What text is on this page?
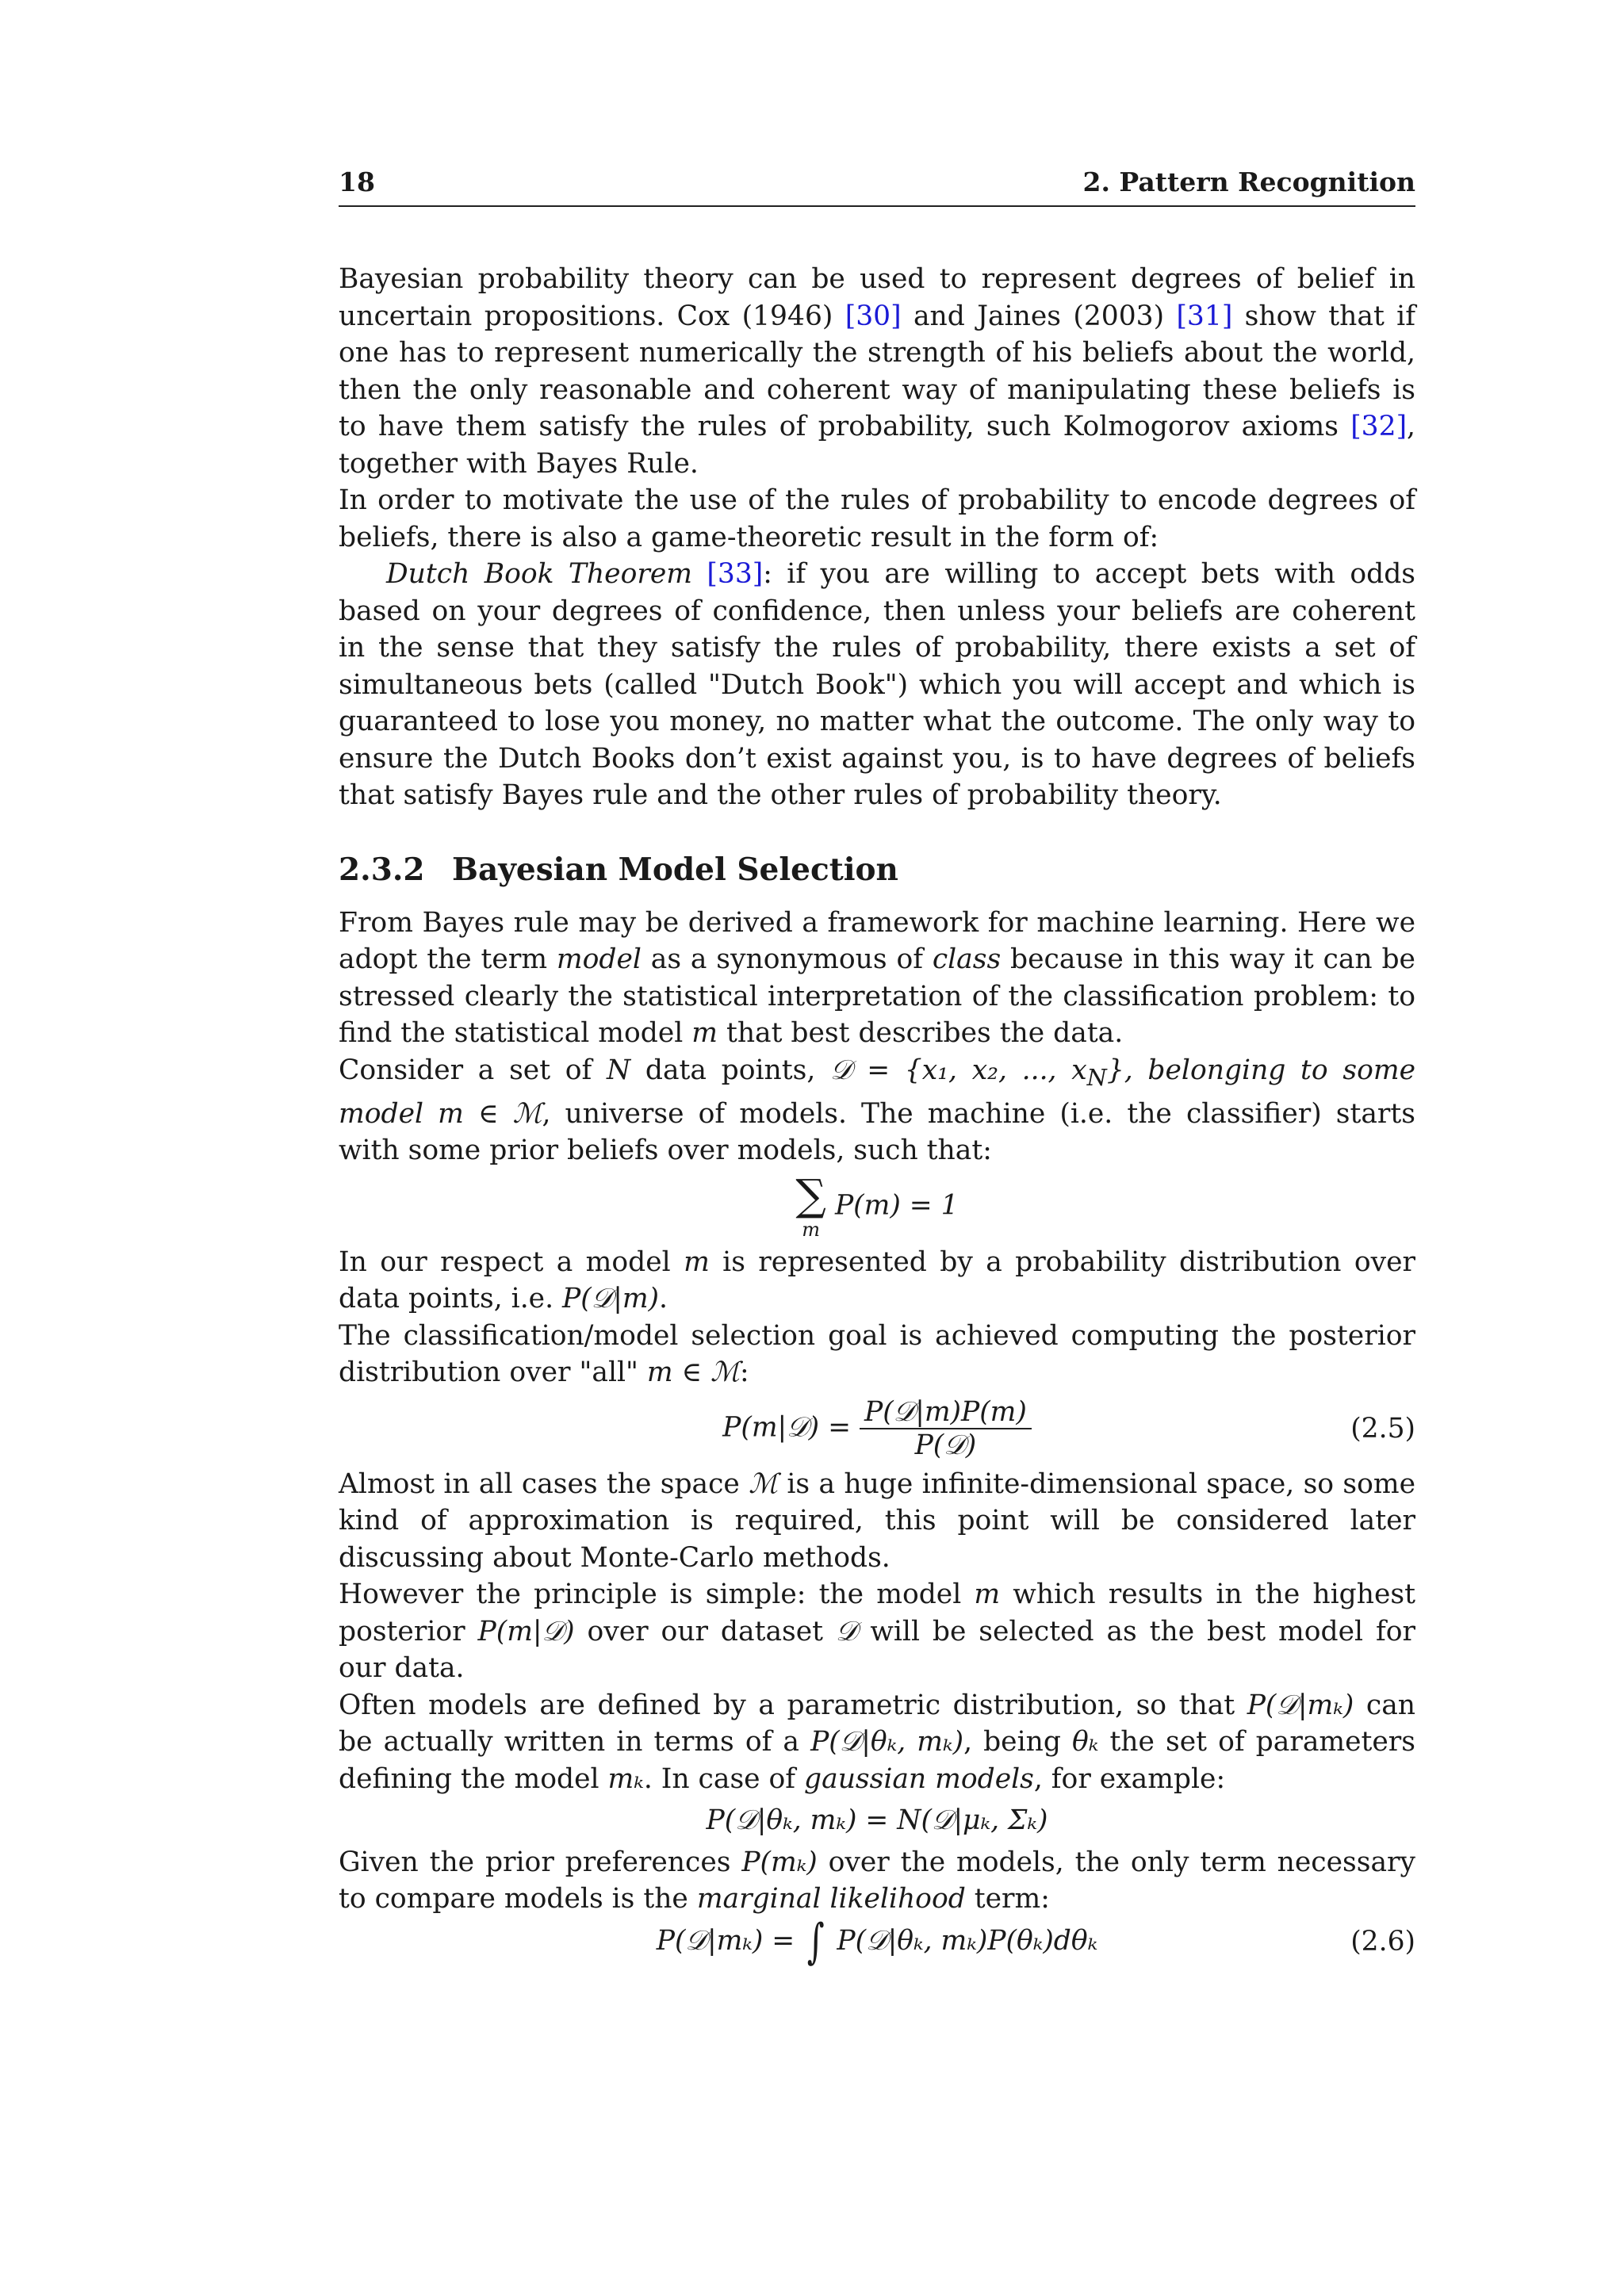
18	2. Pattern Recognition

Bayesian probability theory can be used to represent degrees of belief in uncertain propositions. Cox (1946) [30] and Jaines (2003) [31] show that if one has to represent numerically the strength of his beliefs about the world, then the only reasonable and coherent way of manipulating these beliefs is to have them satisfy the rules of probability, such Kolmogorov axioms [32], together with Bayes Rule.

In order to motivate the use of the rules of probability to encode degrees of beliefs, there is also a game-theoretic result in the form of:

Dutch Book Theorem [33]: if you are willing to accept bets with odds based on your degrees of confidence, then unless your beliefs are coherent in the sense that they satisfy the rules of probability, there exists a set of simultaneous bets (called "Dutch Book") which you will accept and which is guaranteed to lose you money, no matter what the outcome. The only way to ensure the Dutch Books don’t exist against you, is to have degrees of beliefs that satisfy Bayes rule and the other rules of probability theory.

2.3.2 Bayesian Model Selection

From Bayes rule may be derived a framework for machine learning. Here we adopt the term model as a synonymous of class because in this way it can be stressed clearly the statistical interpretation of the classification problem: to find the statistical model m that best describes the data.

Consider a set of N data points, 𝒟 = {x₁, x₂, ..., $x_N$}, belonging to some model m ∈ ℳ, universe of models. The machine (i.e. the classifier) starts with some prior beliefs over models, such that:

∑
m
P(m) = 1

In our respect a model m is represented by a probability distribution over data points, i.e. P(𝒟|m).

The classification/model selection goal is achieved computing the posterior distribution over "all" m ∈ ℳ:

P(m|𝒟) = $\frac{\text{P(𝒟|m)P(m)}}{\text{P(𝒟)}}$	(2.5)

Almost in all cases the space ℳ is a huge infinite-dimensional space, so some kind of approximation is required, this point will be considered later discussing about Monte-Carlo methods.

However the principle is simple: the model m which results in the highest posterior P(m|𝒟) over our dataset 𝒟 will be selected as the best model for our data.

Often models are defined by a parametric distribution, so that P(𝒟|mₖ) can be actually written in terms of a P(𝒟|θₖ, mₖ), being θₖ the set of parameters defining the model mₖ. In case of gaussian models, for example:

P(𝒟|θₖ, mₖ) = N(𝒟|μₖ, Σₖ)

Given the prior preferences P(mₖ) over the models, the only term necessary to compare models is the marginal likelihood term:

P(𝒟|mₖ) = ∫ P(𝒟|θₖ, mₖ)P(θₖ)dθₖ	(2.6)
